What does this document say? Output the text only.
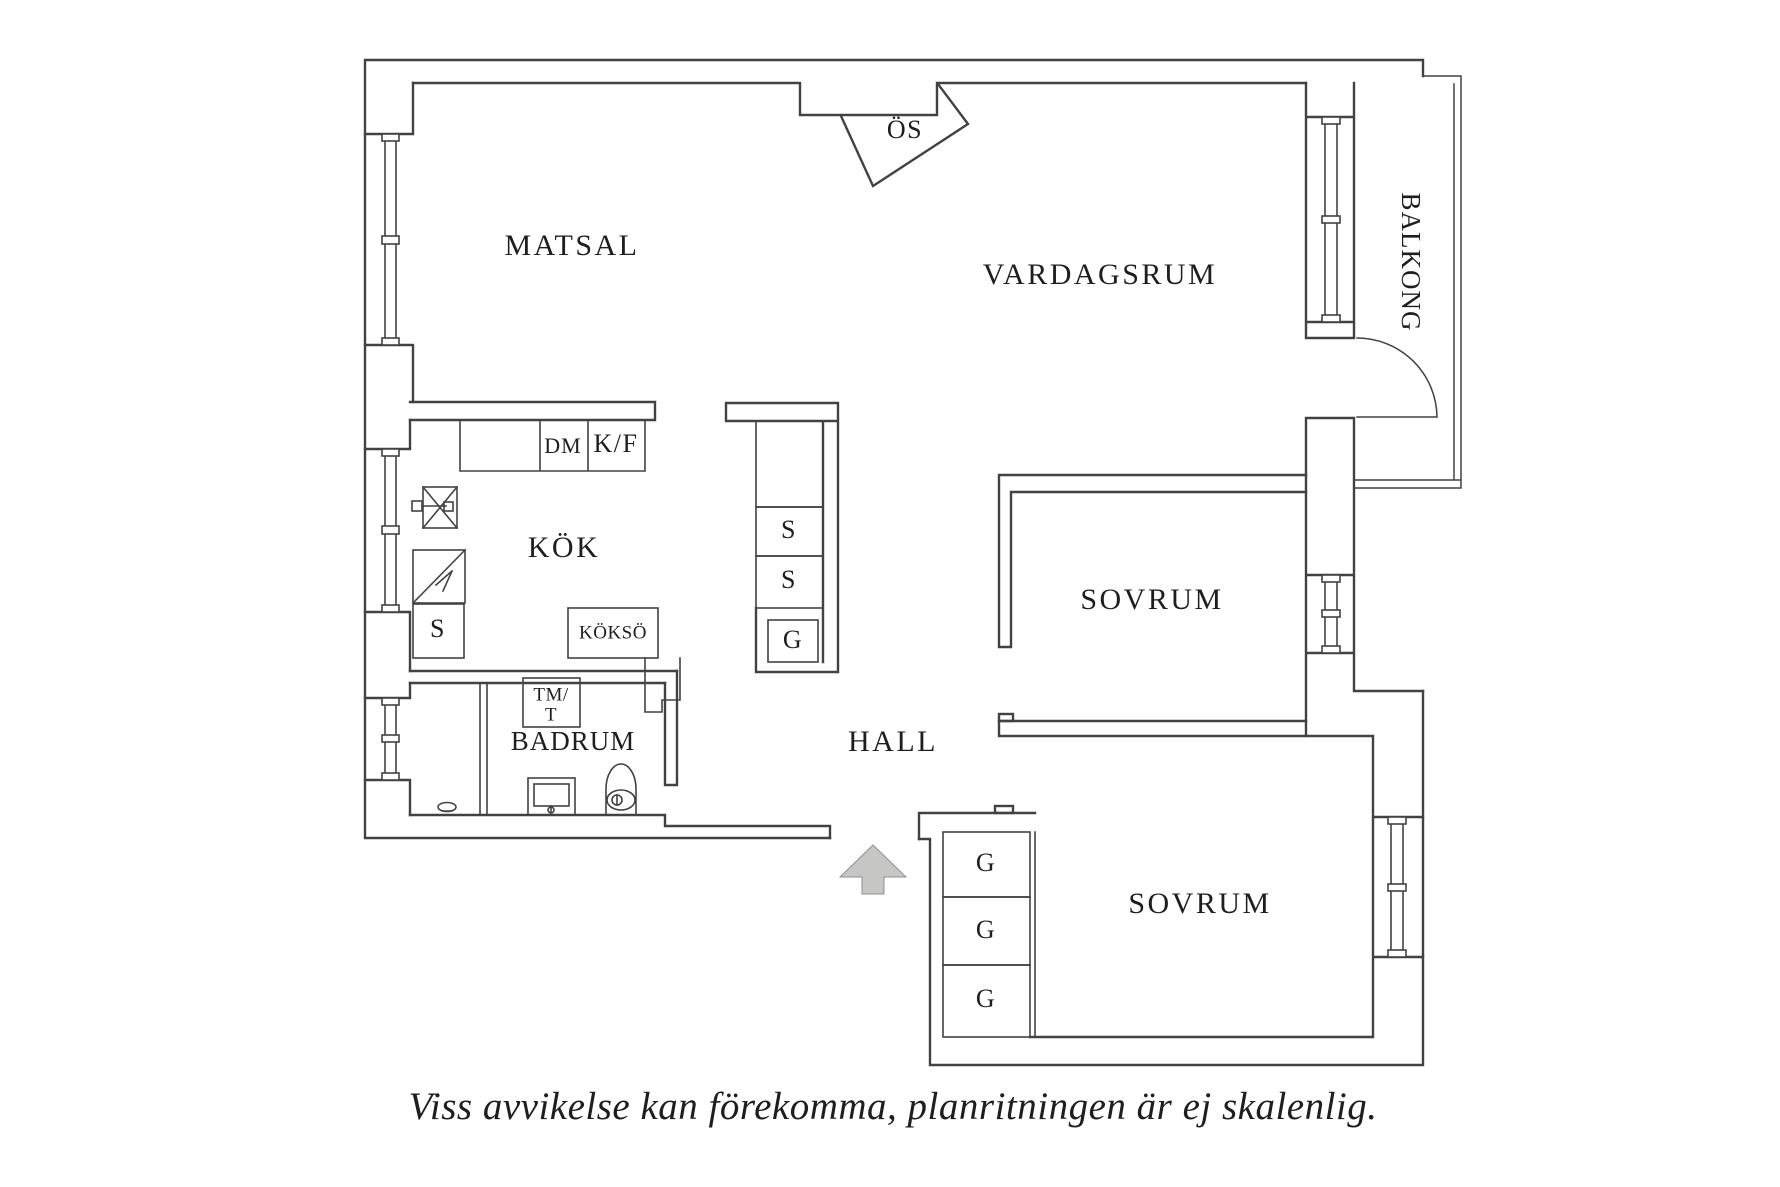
MATSAL
VARDAGSRUM	BALKONG
KÖK
HALL
BADRUM
SOVRUM
SOVRUM
ÖS
DM K/F
KÖKSÖ
S
S
S
G
TM/
T
G
G
G
Viss avvikelse kan förekomma, planritningen är ej skalenlig.
